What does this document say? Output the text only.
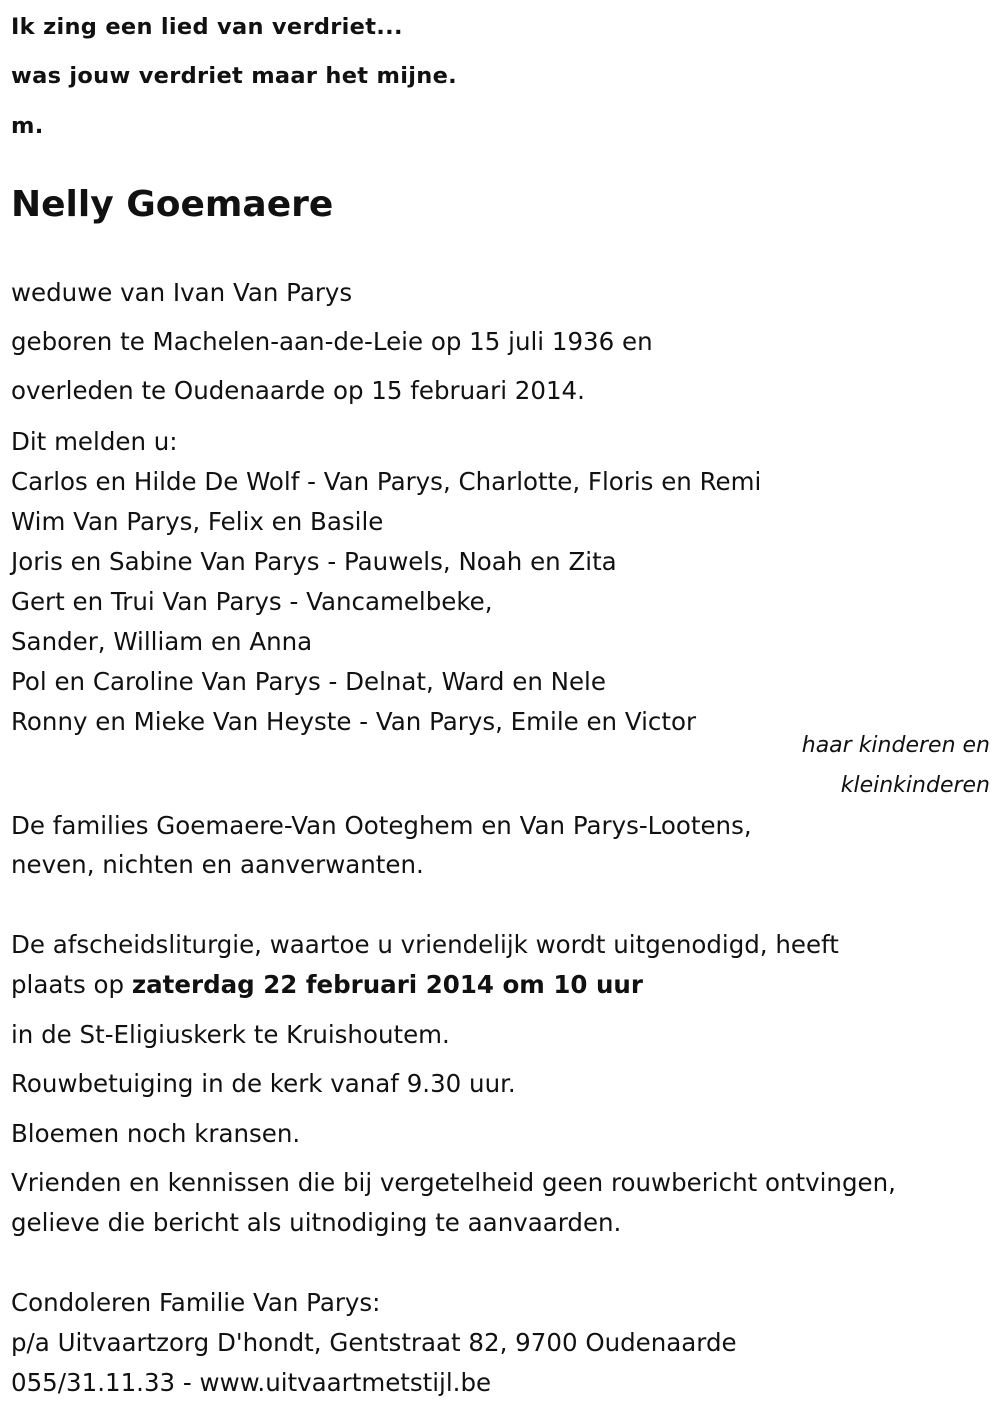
Ik zing een lied van verdriet...
was jouw verdriet maar het mijne.
m.
Nelly Goemaere
weduwe van Ivan Van Parys
geboren te Machelen-aan-de-Leie op 15 juli 1936 en
overleden te Oudenaarde op 15 februari 2014.
Dit melden u:
Carlos en Hilde De Wolf - Van Parys, Charlotte, Floris en Remi
Wim Van Parys, Felix en Basile
Joris en Sabine Van Parys - Pauwels, Noah en Zita
Gert en Trui Van Parys - Vancamelbeke,
Sander, William en Anna
Pol en Caroline Van Parys - Delnat, Ward en Nele
Ronny en Mieke Van Heyste - Van Parys, Emile en Victor
haar kinderen en
kleinkinderen
De families Goemaere-Van Ooteghem en Van Parys-Lootens,
neven, nichten en aanverwanten.
De afscheidsliturgie, waartoe u vriendelijk wordt uitgenodigd, heeft
plaats op zaterdag 22 februari 2014 om 10 uur
in de St-Eligiuskerk te Kruishoutem.
Rouwbetuiging in de kerk vanaf 9.30 uur.
Bloemen noch kransen.
Vrienden en kennissen die bij vergetelheid geen rouwbericht ontvingen,
gelieve die bericht als uitnodiging te aanvaarden.
Condoleren Familie Van Parys:
p/a Uitvaartzorg D'hondt, Gentstraat 82, 9700 Oudenaarde
055/31.11.33 - www.uitvaartmetstijl.be
